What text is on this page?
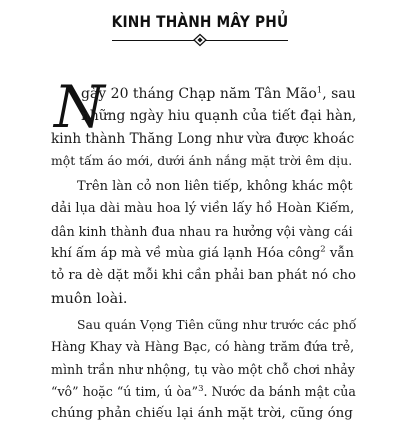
KINH THÀNH MÂY PHỦ
N
gày 20 tháng Chạp năm Tân Mão$^1$, sau
những ngày hiu quạnh của tiết đại hàn,
kinh thành Thăng Long như vừa được khoác
một tấm áo mới, dưới ánh nắng mặt trời êm dịu.
Trên làn cỏ non liên tiếp, không khác một
dải lụa dài màu hoa lý viền lấy hồ Hoàn Kiếm,
dân kinh thành đua nhau ra hưởng vội vàng cái
khí ấm áp mà về mùa giá lạnh Hóa công$^2$ vẫn
tỏ ra dè dặt mỗi khi cần phải ban phát nó cho
muôn loài.
Sau quán Vọng Tiên cũng như trước các phố
Hàng Khay và Hàng Bạc, có hàng trăm đứa trẻ,
mình trần như nhộng, tụ vào một chỗ chơi nhảy
“vô” hoặc “ú tim, ú òa”$^3$. Nước da bánh mật của
chúng phản chiếu lại ánh mặt trời, cũng óng
